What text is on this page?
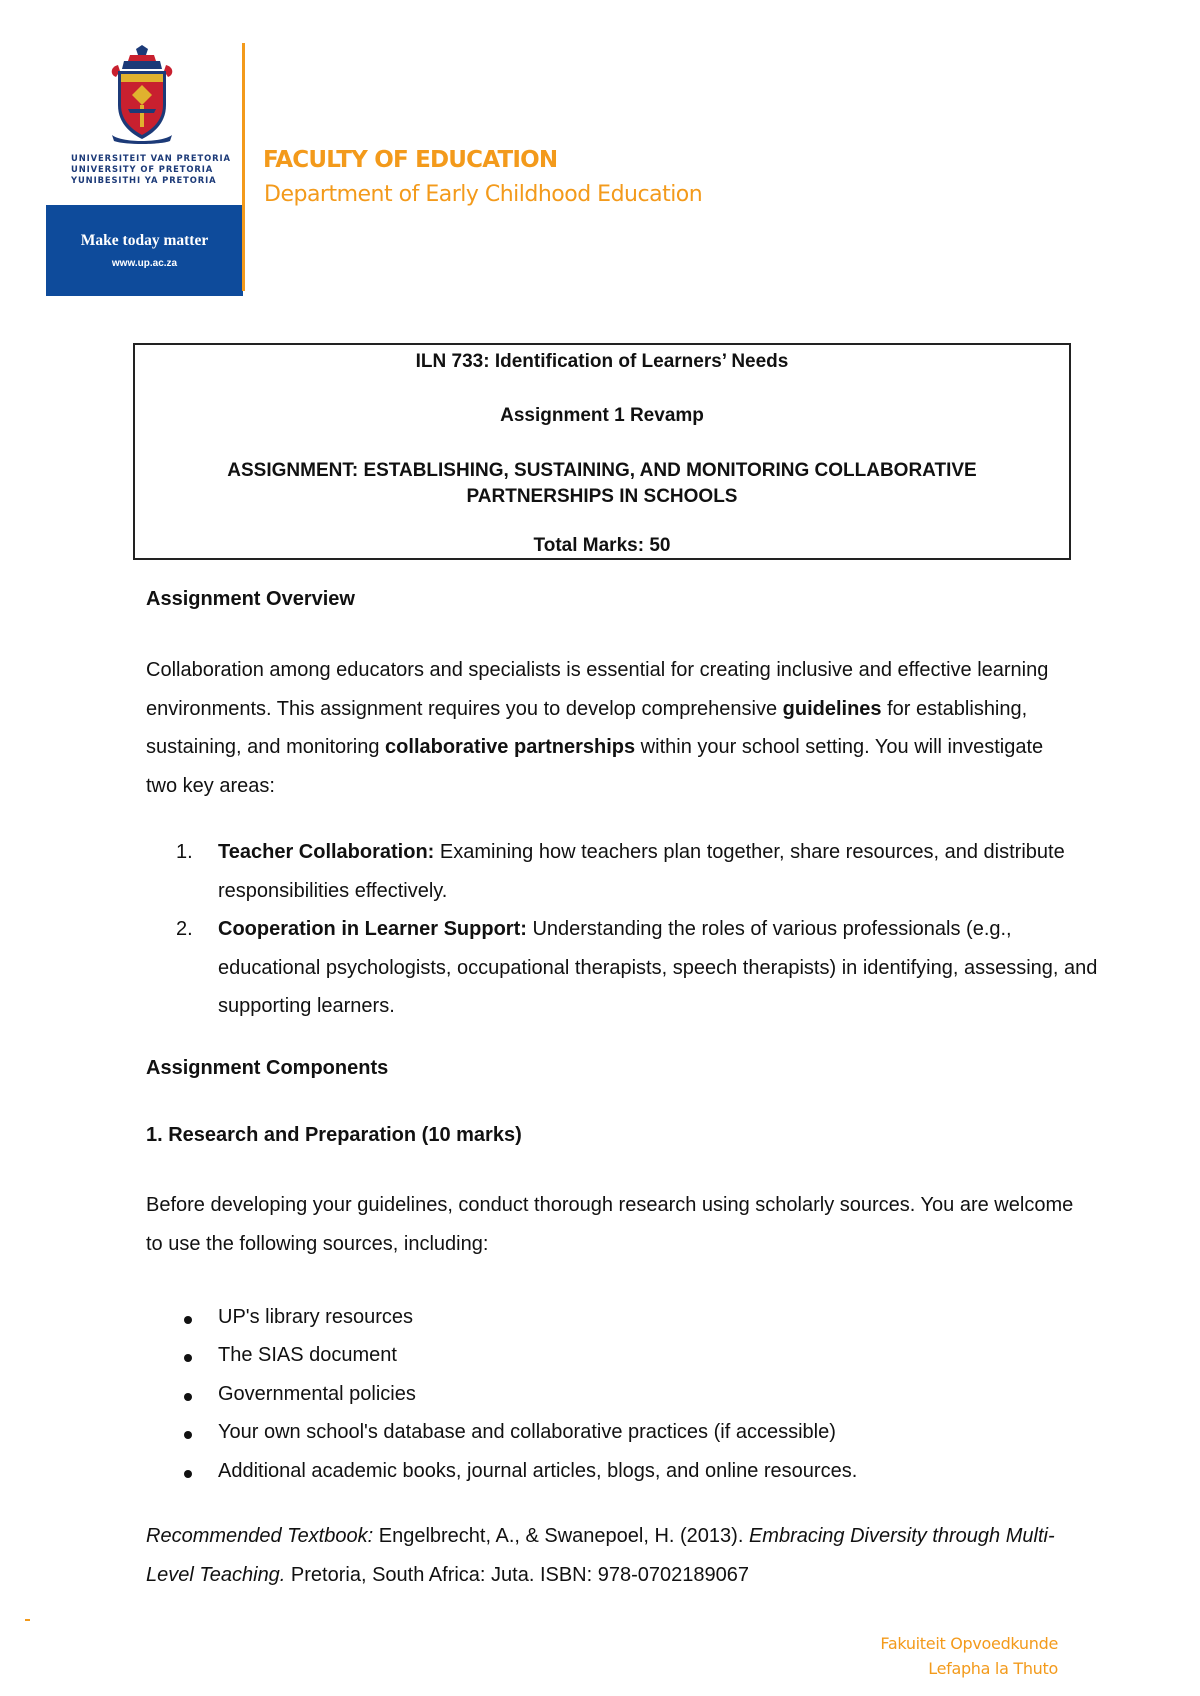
UNIVERSITEIT VAN PRETORIA
UNIVERSITY OF PRETORIA
YUNIBESITHI YA PRETORIA
Make today matter
www.up.ac.za
FACULTY OF EDUCATION
Department of Early Childhood Education
ILN 733: Identification of Learners’ Needs
Assignment 1 Revamp
ASSIGNMENT: ESTABLISHING, SUSTAINING, AND MONITORING COLLABORATIVE PARTNERSHIPS IN SCHOOLS
Total Marks: 50
Assignment Overview
Collaboration among educators and specialists is essential for creating inclusive and effective learning environments. This assignment requires you to develop comprehensive guidelines for establishing, sustaining, and monitoring collaborative partnerships within your school setting. You will investigate two key areas:
1. Teacher Collaboration: Examining how teachers plan together, share resources, and distribute responsibilities effectively.
2. Cooperation in Learner Support: Understanding the roles of various professionals (e.g., educational psychologists, occupational therapists, speech therapists) in identifying, assessing, and supporting learners.
Assignment Components
1. Research and Preparation (10 marks)
Before developing your guidelines, conduct thorough research using scholarly sources. You are welcome to use the following sources, including:
UP's library resources
The SIAS document
Governmental policies
Your own school's database and collaborative practices (if accessible)
Additional academic books, journal articles, blogs, and online resources.
Recommended Textbook: Engelbrecht, A., & Swanepoel, H. (2013). Embracing Diversity through Multi-Level Teaching. Pretoria, South Africa: Juta. ISBN: 978-0702189067
Fakuiteit Opvoedkunde
Lefapha la Thuto
